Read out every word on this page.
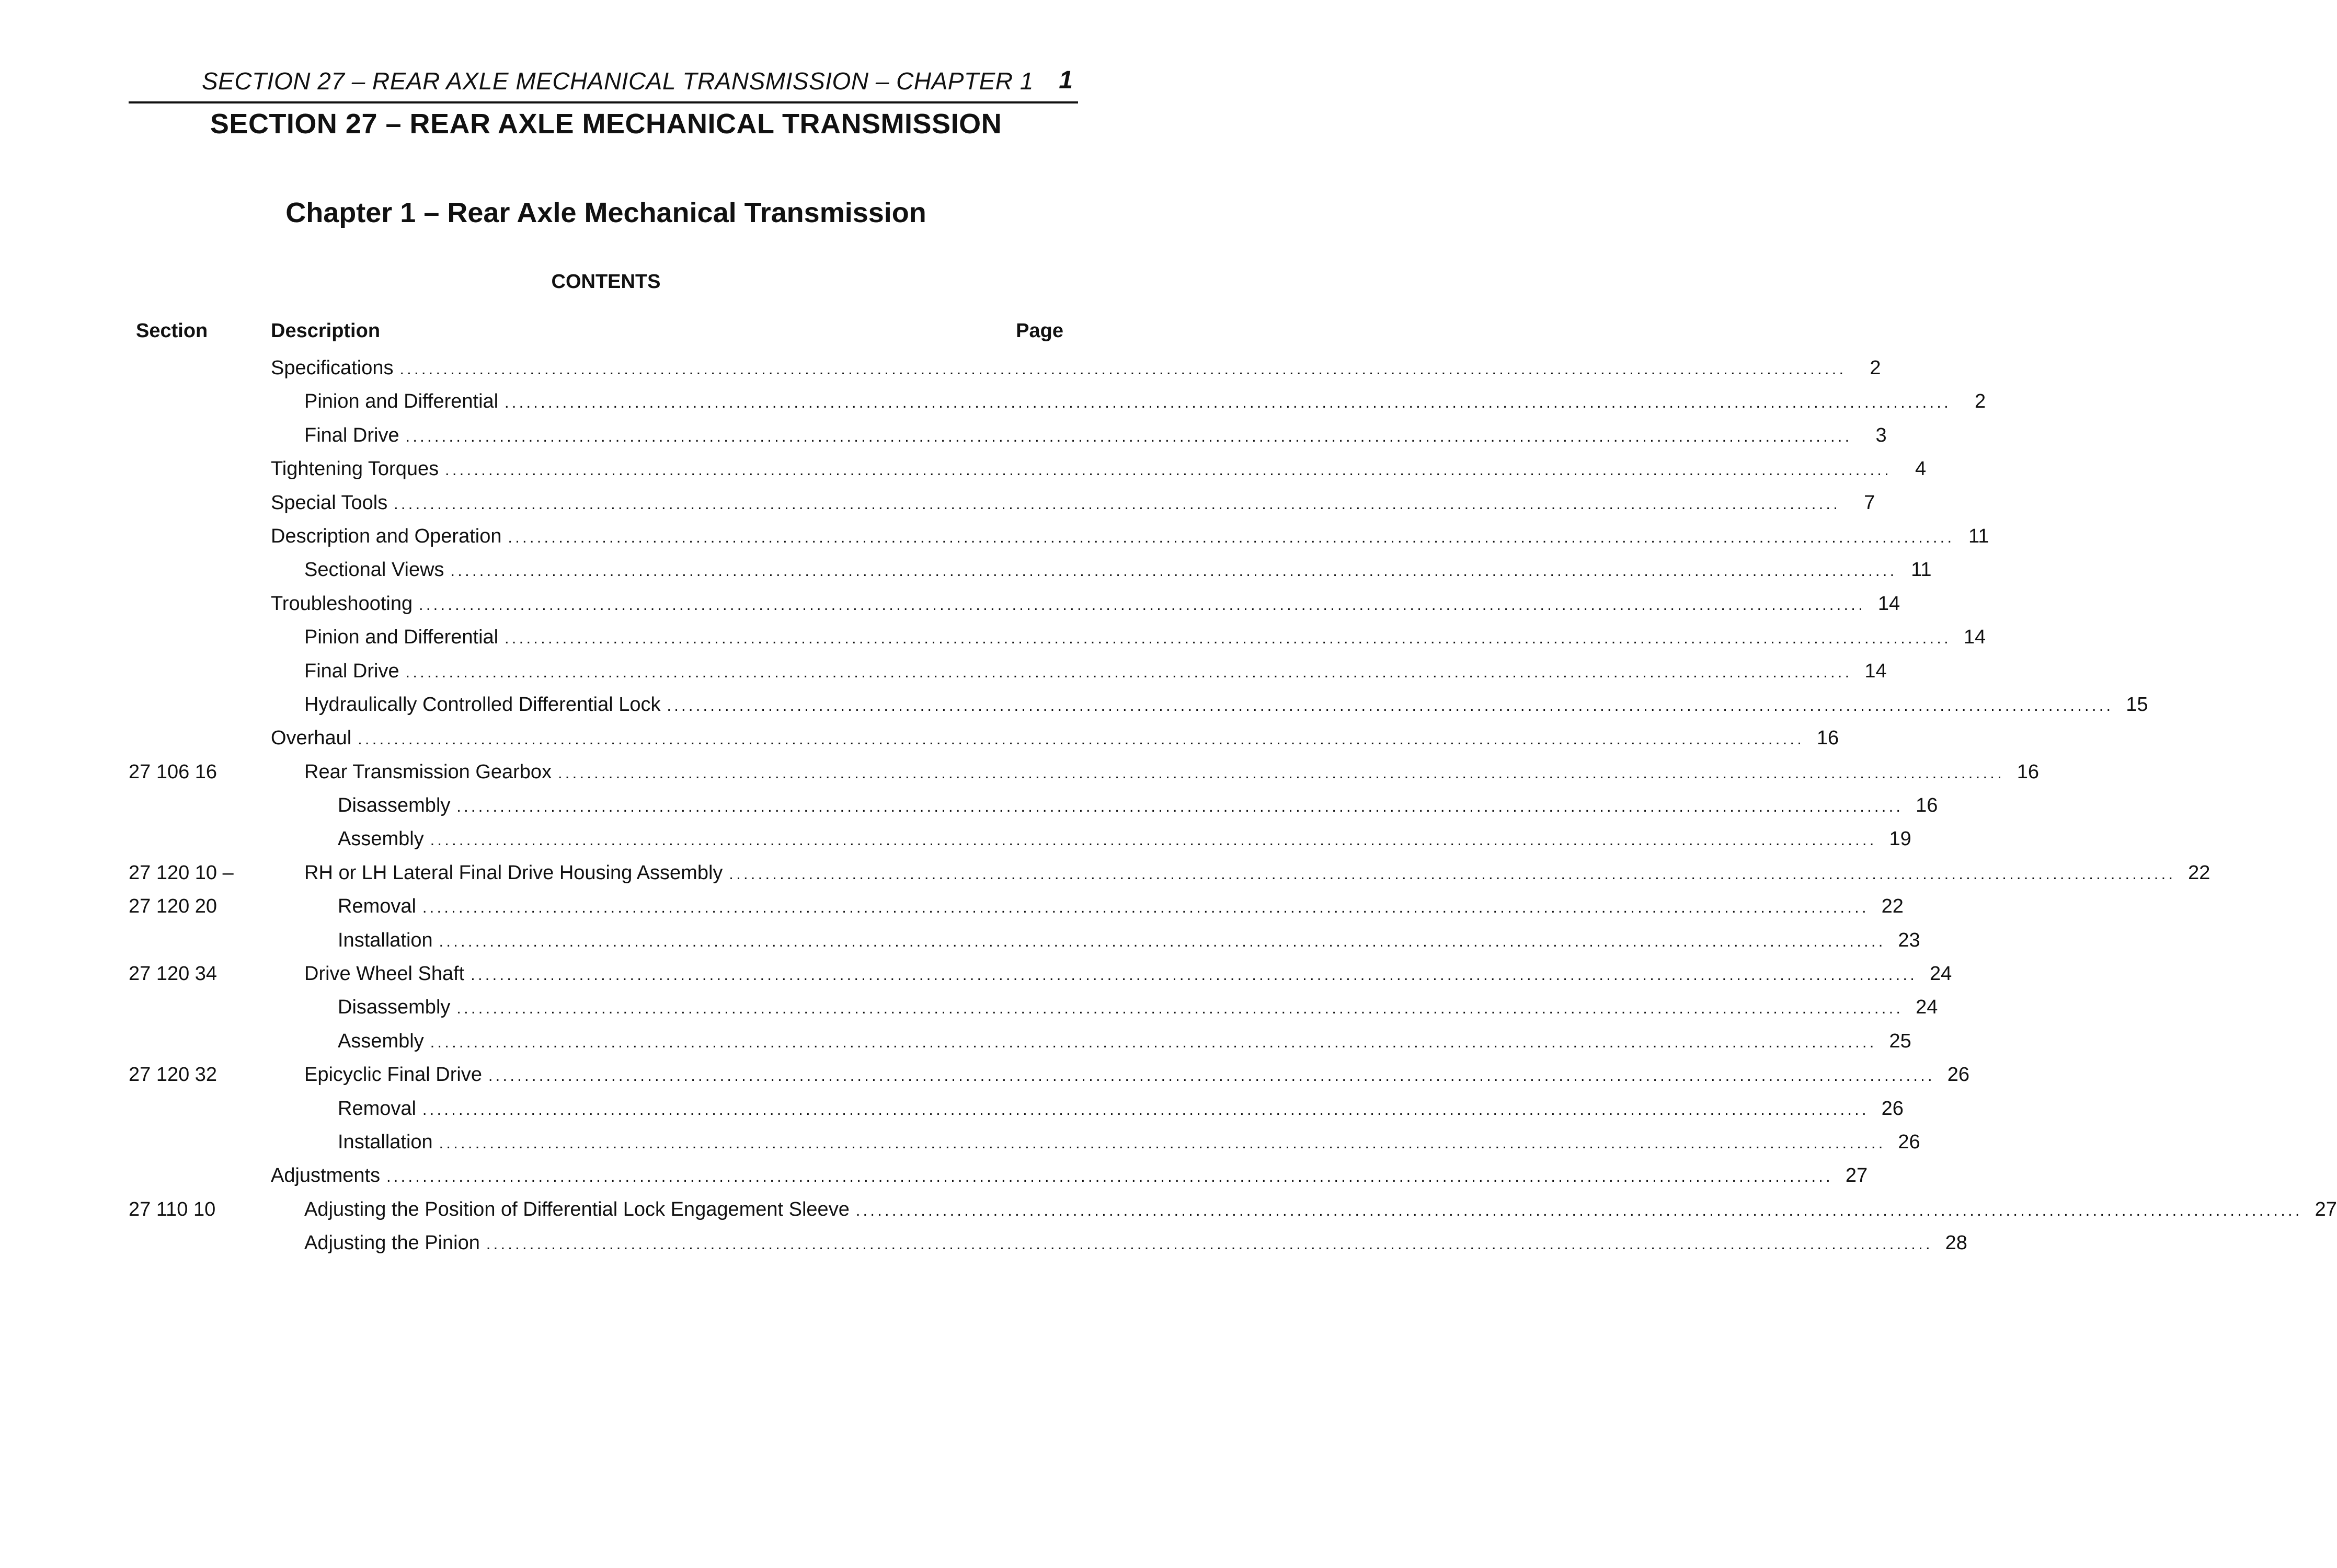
SECTION 27 – REAR AXLE MECHANICAL TRANSMISSION – CHAPTER 1 1
SECTION 27 – REAR AXLE MECHANICAL TRANSMISSION
Chapter 1 – Rear Axle Mechanical Transmission
CONTENTS
Section	Description	Page
Specifications ........................................................................................................................................................................................................	2
Pinion and Differential ........................................................................................................................................................................................................	2
Final Drive ........................................................................................................................................................................................................	3
Tightening Torques ........................................................................................................................................................................................................	4
Special Tools ........................................................................................................................................................................................................	7
Description and Operation ........................................................................................................................................................................................................ 11
Sectional Views ........................................................................................................................................................................................................ 11
Troubleshooting ........................................................................................................................................................................................................ 14
Pinion and Differential ........................................................................................................................................................................................................ 14
Final Drive ........................................................................................................................................................................................................ 14
Hydraulically Controlled Differential Lock ........................................................................................................................................................................................................ 15
Overhaul ........................................................................................................................................................................................................ 16
27 106 16	Rear Transmission Gearbox ........................................................................................................................................................................................................ 16
Disassembly ........................................................................................................................................................................................................ 16
Assembly ........................................................................................................................................................................................................ 19
27 120 10 –	RH or LH Lateral Final Drive Housing Assembly ........................................................................................................................................................................................................ 22
27 120 20	Removal ........................................................................................................................................................................................................ 22
Installation ........................................................................................................................................................................................................ 23
27 120 34	Drive Wheel Shaft ........................................................................................................................................................................................................ 24
Disassembly ........................................................................................................................................................................................................ 24
Assembly ........................................................................................................................................................................................................ 25
27 120 32	Epicyclic Final Drive ........................................................................................................................................................................................................ 26
Removal ........................................................................................................................................................................................................ 26
Installation ........................................................................................................................................................................................................ 26
Adjustments ........................................................................................................................................................................................................ 27
27 110 10	Adjusting the Position of Differential Lock Engagement Sleeve ........................................................................................................................................................................................................ 27
Adjusting the Pinion ........................................................................................................................................................................................................ 28
